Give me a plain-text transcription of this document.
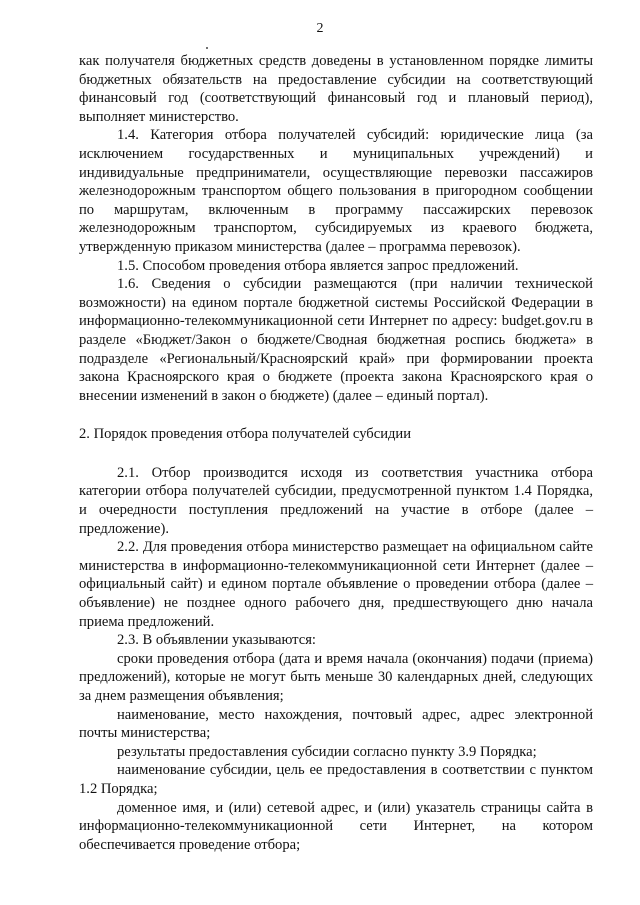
2

как получателя бюджетных средств доведены в установленном порядке лимиты бюджетных обязательств на предоставление субсидии на соответствующий финансовый год (соответствующий финансовый год и плановый период), выполняет министерство.

1.4. Категория отбора получателей субсидий: юридические лица (за исключением государственных и муниципальных учреждений) и индивидуальные предприниматели, осуществляющие перевозки пассажиров железнодорожным транспортом общего пользования в пригородном сообщении по маршрутам, включенным в программу пассажирских перевозок железнодорожным транспортом, субсидируемых из краевого бюджета, утвержденную приказом министерства (далее – программа перевозок).

1.5. Способом проведения отбора является запрос предложений.

1.6. Сведения о субсидии размещаются (при наличии технической возможности) на едином портале бюджетной системы Российской Федерации в информационно-телекоммуникационной сети Интернет по адресу: budget.gov.ru в разделе «Бюджет/Закон о бюджете/Сводная бюджетная роспись бюджета» в подразделе «Региональный/Красноярский край» при формировании проекта закона Красноярского края о бюджете (проекта закона Красноярского края о внесении изменений в закон о бюджете) (далее – единый портал).

2. Порядок проведения отбора получателей субсидии

2.1. Отбор производится исходя из соответствия участника отбора категории отбора получателей субсидии, предусмотренной пунктом 1.4 Порядка, и очередности поступления предложений на участие в отборе (далее – предложение).

2.2. Для проведения отбора министерство размещает на официальном сайте министерства в информационно-телекоммуникационной сети Интернет (далее – официальный сайт) и едином портале объявление о проведении отбора (далее – объявление) не позднее одного рабочего дня, предшествующего дню начала приема предложений.

2.3. В объявлении указываются:

сроки проведения отбора (дата и время начала (окончания) подачи (приема) предложений), которые не могут быть меньше 30 календарных дней, следующих за днем размещения объявления;

наименование, место нахождения, почтовый адрес, адрес электронной почты министерства;

результаты предоставления субсидии согласно пункту 3.9 Порядка;

наименование субсидии, цель ее предоставления в соответствии с пунктом 1.2 Порядка;

доменное имя, и (или) сетевой адрес, и (или) указатель страницы сайта в информационно-телекоммуникационной сети Интернет, на котором обеспечивается проведение отбора;
